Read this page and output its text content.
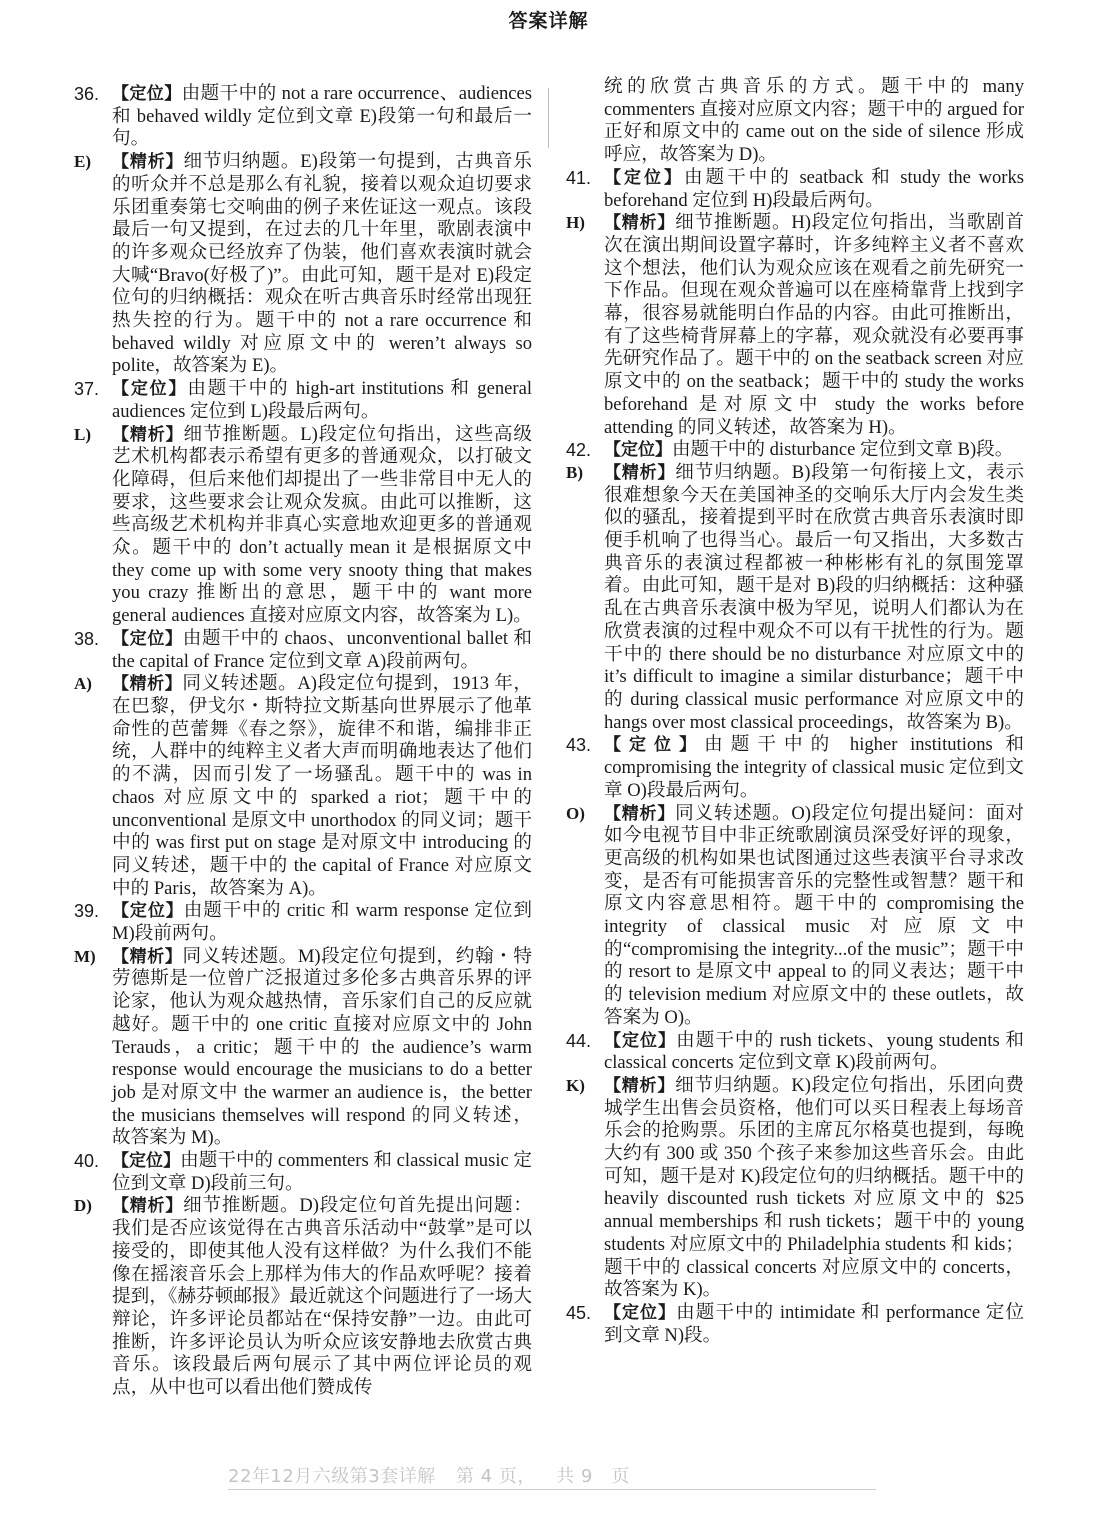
答案详解
36. 【定位】由题干中的 not a rare occurrence、audiences 和 behaved wildly 定位到文章 E)段第一句和最后一句。
E) 【精析】细节归纳题。E)段第一句提到，古典音乐的听众并不总是那么有礼貌，接着以观众迫切要求乐团重奏第七交响曲的例子来佐证这一观点。该段最后一句又提到，在过去的几十年里，歌剧表演中的许多观众已经放弃了伪装，他们喜欢表演时就会大喊“Bravo(好极了)”。由此可知，题干是对 E)段定位句的归纳概括：观众在听古典音乐时经常出现狂热失控的行为。题干中的 not a rare occurrence 和 behaved wildly 对应原文中的 weren’t always so polite，故答案为 E)。
37. 【定位】由题干中的 high-art institutions 和 general audiences 定位到 L)段最后两句。
L) 【精析】细节推断题。L)段定位句指出，这些高级艺术机构都表示希望有更多的普通观众，以打破文化障碍，但后来他们却提出了一些非常目中无人的要求，这些要求会让观众发疯。由此可以推断，这些高级艺术机构并非真心实意地欢迎更多的普通观众。题干中的 don’t actually mean it 是根据原文中 they come up with some very snooty thing that makes you crazy 推断出的意思，题干中的 want more general audiences 直接对应原文内容，故答案为 L)。
38. 【定位】由题干中的 chaos、unconventional ballet 和 the capital of France 定位到文章 A)段前两句。
A) 【精析】同义转述题。A)段定位句提到，1913 年，在巴黎，伊戈尔・斯特拉文斯基向世界展示了他革命性的芭蕾舞《春之祭》，旋律不和谐，编排非正统，人群中的纯粹主义者大声而明确地表达了他们的不满，因而引发了一场骚乱。题干中的 was in chaos 对应原文中的 sparked a riot；题干中的 unconventional 是原文中 unorthodox 的同义词；题干中的 was first put on stage 是对原文中 introducing 的同义转述，题干中的 the capital of France 对应原文中的 Paris，故答案为 A)。
39. 【定位】由题干中的 critic 和 warm response 定位到 M)段前两句。
M) 【精析】同义转述题。M)段定位句提到，约翰・特劳德斯是一位曾广泛报道过多伦多古典音乐界的评论家，他认为观众越热情，音乐家们自己的反应就越好。题干中的 one critic 直接对应原文中的 John Terauds，a critic；题干中的 the audience’s warm response would encourage the musicians to do a better job 是对原文中 the warmer an audience is，the better the musicians themselves will respond 的同义转述，故答案为 M)。
40. 【定位】由题干中的 commenters 和 classical music 定位到文章 D)段前三句。
D) 【精析】细节推断题。D)段定位句首先提出问题：我们是否应该觉得在古典音乐活动中“鼓掌”是可以接受的，即使其他人没有这样做？为什么我们不能像在摇滚音乐会上那样为伟大的作品欢呼呢？接着提到，《赫芬顿邮报》最近就这个问题进行了一场大辩论，许多评论员都站在“保持安静”一边。由此可推断，许多评论员认为听众应该安静地去欣赏古典音乐。该段最后两句展示了其中两位评论员的观点，从中也可以看出他们赞成传
统的欣赏古典音乐的方式。题干中的 many commenters 直接对应原文内容；题干中的 argued for 正好和原文中的 came out on the side of silence 形成呼应，故答案为 D)。
41. 【定位】由题干中的 seatback 和 study the works beforehand 定位到 H)段最后两句。
H) 【精析】细节推断题。H)段定位句指出，当歌剧首次在演出期间设置字幕时，许多纯粹主义者不喜欢这个想法，他们认为观众应该在观看之前先研究一下作品。但现在观众普遍可以在座椅靠背上找到字幕，很容易就能明白作品的内容。由此可推断出，有了这些椅背屏幕上的字幕，观众就没有必要再事先研究作品了。题干中的 on the seatback screen 对应原文中的 on the seatback；题干中的 study the works beforehand 是对原文中 study the works before attending 的同义转述，故答案为 H)。
42. 【定位】由题干中的 disturbance 定位到文章 B)段。
B) 【精析】细节归纳题。B)段第一句衔接上文，表示很难想象今天在美国神圣的交响乐大厅内会发生类似的骚乱，接着提到平时在欣赏古典音乐表演时即便手机响了也得当心。最后一句又指出，大多数古典音乐的表演过程都被一种彬彬有礼的氛围笼罩着。由此可知，题干是对 B)段的归纳概括：这种骚乱在古典音乐表演中极为罕见，说明人们都认为在欣赏表演的过程中观众不可以有干扰性的行为。题干中的 there should be no disturbance 对应原文中的 it’s difficult to imagine a similar disturbance；题干中的 during classical music performance 对应原文中的 hangs over most classical proceedings，故答案为 B)。
43. 【定位】由题干中的 higher institutions 和 compromising the integrity of classical music 定位到文章 O)段最后两句。
O) 【精析】同义转述题。O)段定位句提出疑问：面对如今电视节目中非正统歌剧演员深受好评的现象，更高级的机构如果也试图通过这些表演平台寻求改变，是否有可能损害音乐的完整性或智慧？题干和原文内容意思相符。题干中的 compromising the integrity of classical music 对应原文中的“compromising the integrity...of the music”；题干中的 resort to 是原文中 appeal to 的同义表达；题干中的 television medium 对应原文中的 these outlets，故答案为 O)。
44. 【定位】由题干中的 rush tickets、young students 和 classical concerts 定位到文章 K)段前两句。
K) 【精析】细节归纳题。K)段定位句指出，乐团向费城学生出售会员资格，他们可以买日程表上每场音乐会的抢购票。乐团的主席瓦尔格莫也提到，每晚大约有 300 或 350 个孩子来参加这些音乐会。由此可知，题干是对 K)段定位句的归纳概括。题干中的 heavily discounted rush tickets 对应原文中的 $25 annual memberships 和 rush tickets；题干中的 young students 对应原文中的 Philadelphia students 和 kids；题干中的 classical concerts 对应原文中的 concerts，故答案为 K)。
45. 【定位】由题干中的 intimidate 和 performance 定位到文章 N)段。
22年12月六级第3套详解 第 4 页， 共 9　页
